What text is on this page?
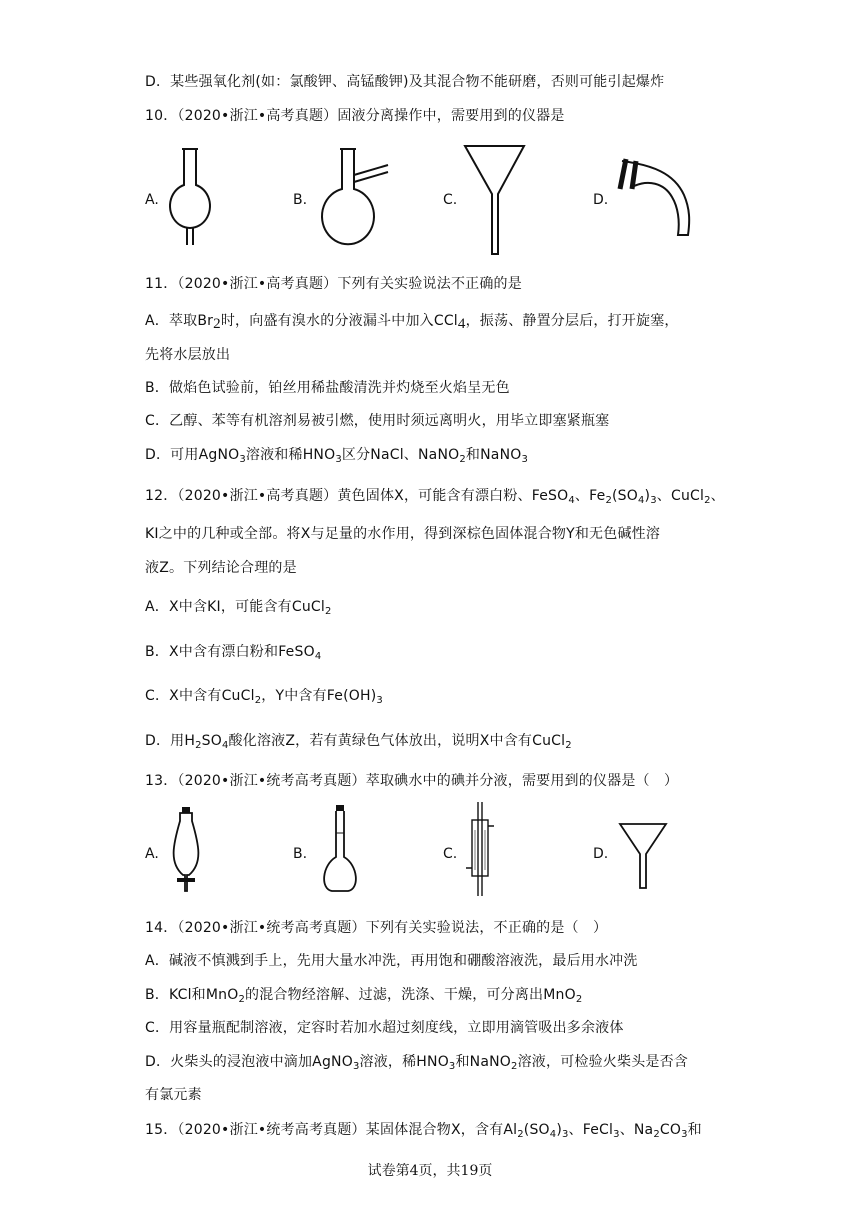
D．某些强氧化剂(如：氯酸钾、高锰酸钾)及其混合物不能研磨，否则可能引起爆炸
10．（2020•浙江•高考真题）固液分离操作中，需要用到的仪器是
A.	B.	C.	D.
11．（2020•浙江•高考真题）下列有关实验说法不正确的是
A．萃取$Br_2$时，向盛有溴水的分液漏斗中加入CCl$_4$，振荡、静置分层后，打开旋塞，
先将水层放出
B．做焰色试验前，铂丝用稀盐酸清洗并灼烧至火焰呈无色
C．乙醇、苯等有机溶剂易被引燃，使用时须远离明火，用毕立即塞紧瓶塞
D．可用AgNO$_3$溶液和稀$HNO_3$区分NaCl、NaNO$_2$和NaNO$_3$
12．（2020•浙江•高考真题）黄色固体X，可能含有漂白粉、FeSO$_4$、$Fe_2(SO_4)_3$、CuCl$_2$、
KI之中的几种或全部。将X与足量的水作用，得到深棕色固体混合物Y和无色碱性溶
液Z。下列结论合理的是
A．X中含KI，可能含有CuCl$_2$
B．X中含有漂白粉和FeSO$_4$
C．X中含有CuCl$_2$，Y中含有$Fe(OH)_3$
D．用$H_2SO_4$酸化溶液Z，若有黄绿色气体放出，说明X中含有CuCl$_2$
13．（2020•浙江•统考高考真题）萃取碘水中的碘并分液，需要用到的仪器是（　）
A.	B.	C.	D.
14．（2020•浙江•统考高考真题）下列有关实验说法，不正确的是（　）
A．碱液不慎溅到手上，先用大量水冲洗，再用饱和硼酸溶液洗，最后用水冲洗
B．KCl和MnO$_2$的混合物经溶解、过滤，洗涤、干燥，可分离出MnO$_2$
C．用容量瓶配制溶液，定容时若加水超过刻度线，立即用滴管吸出多余液体
D．火柴头的浸泡液中滴加AgNO$_3$溶液，稀$HNO_3$和NaNO$_2$溶液，可检验火柴头是否含
有氯元素
15．（2020•浙江•统考高考真题）某固体混合物X，含有$Al_2(SO_4)_3$、FeCl$_3$、$Na_2CO_3$和
试卷第4页，共19页
